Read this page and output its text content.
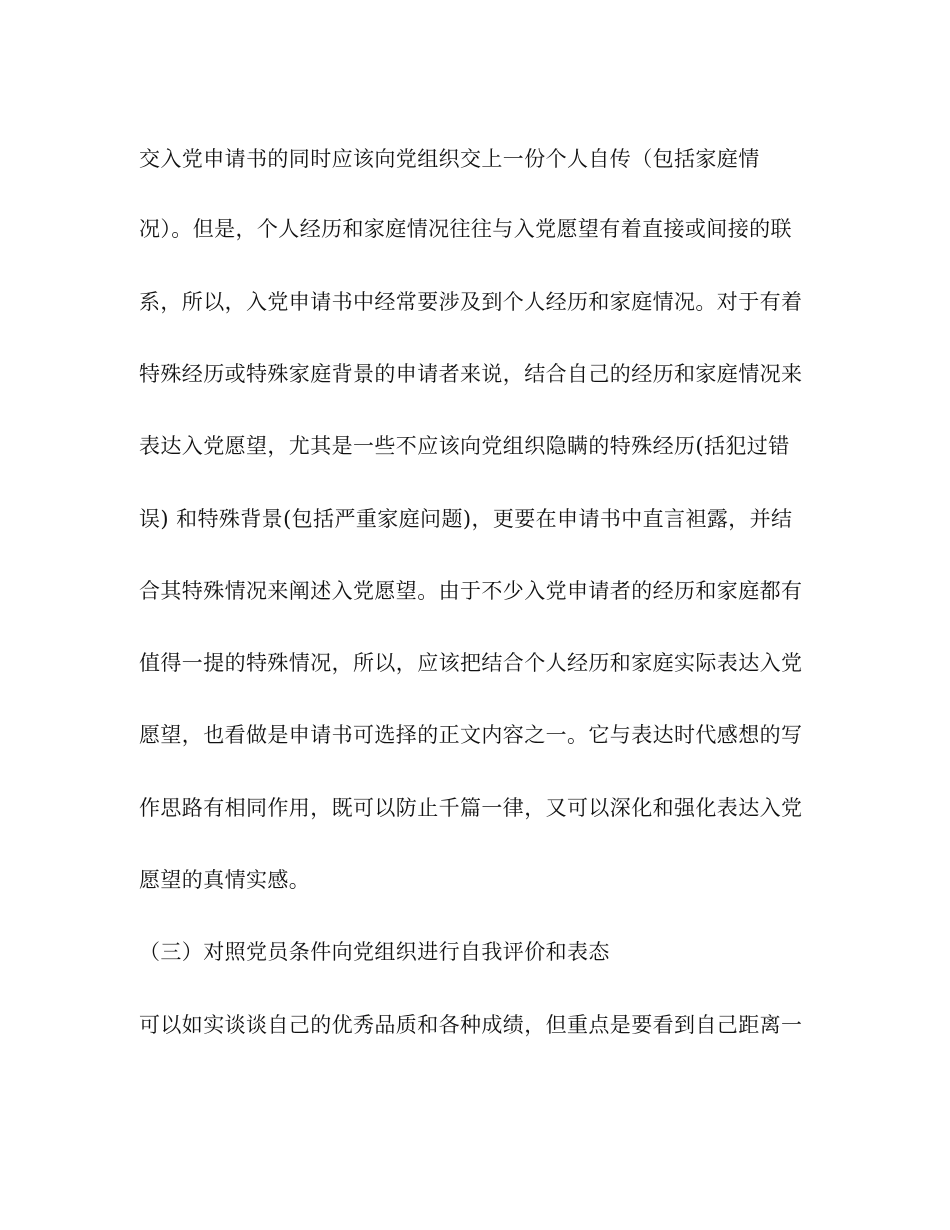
交入党申请书的同时应该向党组织交上一份个人自传（包括家庭情
况）。但是，个人经历和家庭情况往往与入党愿望有着直接或间接的联
系，所以，入党申请书中经常要涉及到个人经历和家庭情况。对于有着
特殊经历或特殊家庭背景的申请者来说，结合自己的经历和家庭情况来
表达入党愿望，尤其是一些不应该向党组织隐瞒的特殊经历(括犯过错
误) 和特殊背景(包括严重家庭问题)，更要在申请书中直言袒露，并结
合其特殊情况来阐述入党愿望。由于不少入党申请者的经历和家庭都有
值得一提的特殊情况，所以，应该把结合个人经历和家庭实际表达入党
愿望，也看做是申请书可选择的正文内容之一。它与表达时代感想的写
作思路有相同作用，既可以防止千篇一律，又可以深化和强化表达入党
愿望的真情实感。
（三）对照党员条件向党组织进行自我评价和表态
可以如实谈谈自己的优秀品质和各种成绩，但重点是要看到自己距离一
